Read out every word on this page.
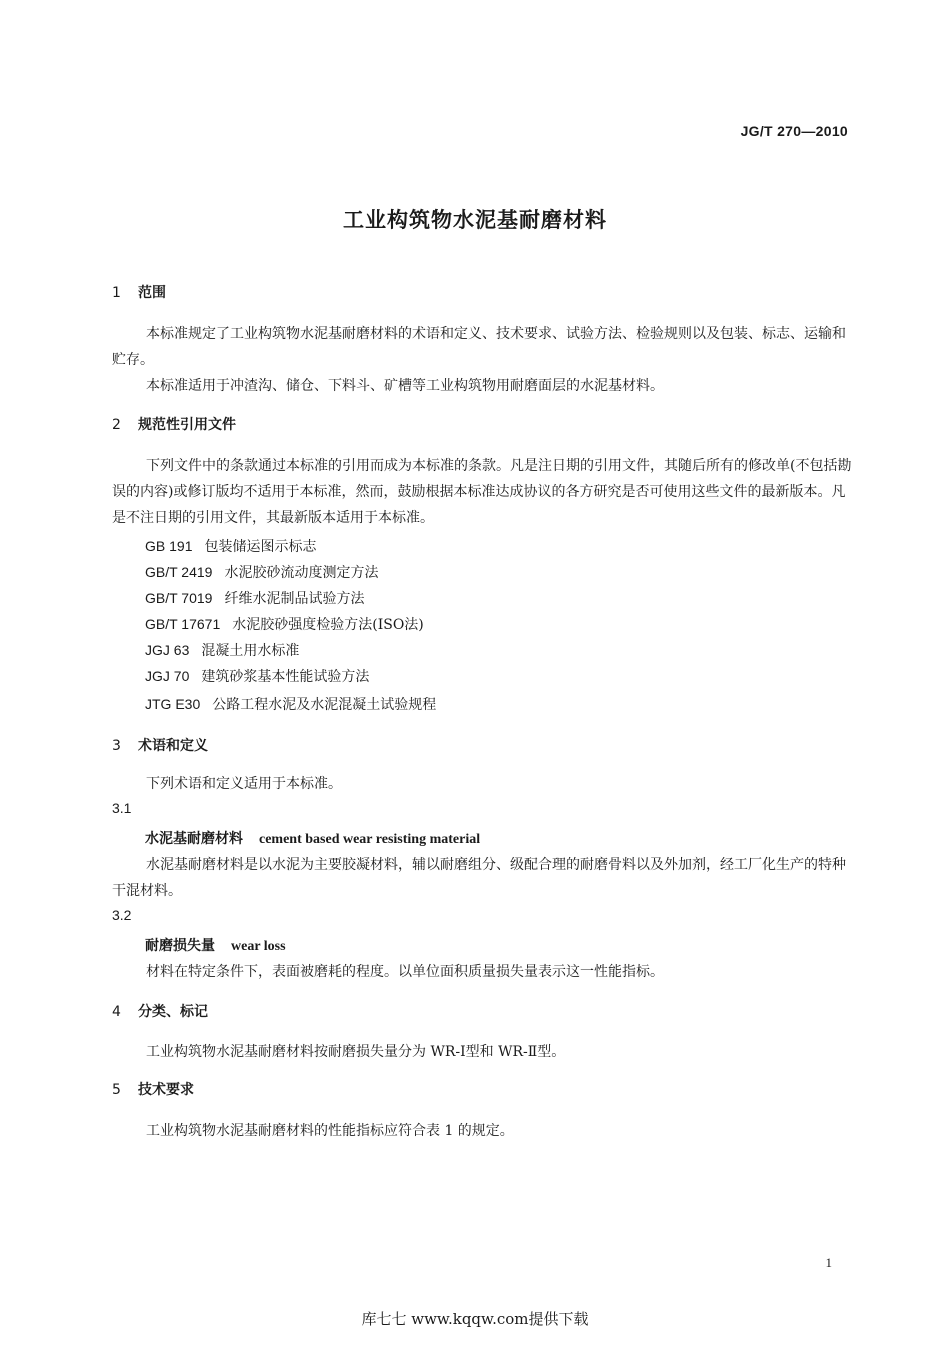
JG/T 270—2010
工业构筑物水泥基耐磨材料
1 范围
本标准规定了工业构筑物水泥基耐磨材料的术语和定义、技术要求、试验方法、检验规则以及包装、标志、运输和贮存。
本标准适用于冲渣沟、储仓、下料斗、矿槽等工业构筑物用耐磨面层的水泥基材料。
2 规范性引用文件
下列文件中的条款通过本标准的引用而成为本标准的条款。凡是注日期的引用文件，其随后所有的修改单(不包括勘误的内容)或修订版均不适用于本标准，然而，鼓励根据本标准达成协议的各方研究是否可使用这些文件的最新版本。凡是不注日期的引用文件，其最新版本适用于本标准。
GB 191 包装储运图示标志
GB/T 2419 水泥胶砂流动度测定方法
GB/T 7019 纤维水泥制品试验方法
GB/T 17671 水泥胶砂强度检验方法(ISO法)
JGJ 63 混凝土用水标准
JGJ 70 建筑砂浆基本性能试验方法
JTG E30 公路工程水泥及水泥混凝土试验规程
3 术语和定义
下列术语和定义适用于本标准。
3.1
水泥基耐磨材料 cement based wear resisting material
水泥基耐磨材料是以水泥为主要胶凝材料，辅以耐磨组分、级配合理的耐磨骨料以及外加剂，经工厂化生产的特种干混材料。
3.2
耐磨损失量 wear loss
材料在特定条件下，表面被磨耗的程度。以单位面积质量损失量表示这一性能指标。
4 分类、标记
工业构筑物水泥基耐磨材料按耐磨损失量分为 WR-Ⅰ型和 WR-Ⅱ型。
5 技术要求
工业构筑物水泥基耐磨材料的性能指标应符合表 1 的规定。
1
库七七 www.kqqw.com提供下载
